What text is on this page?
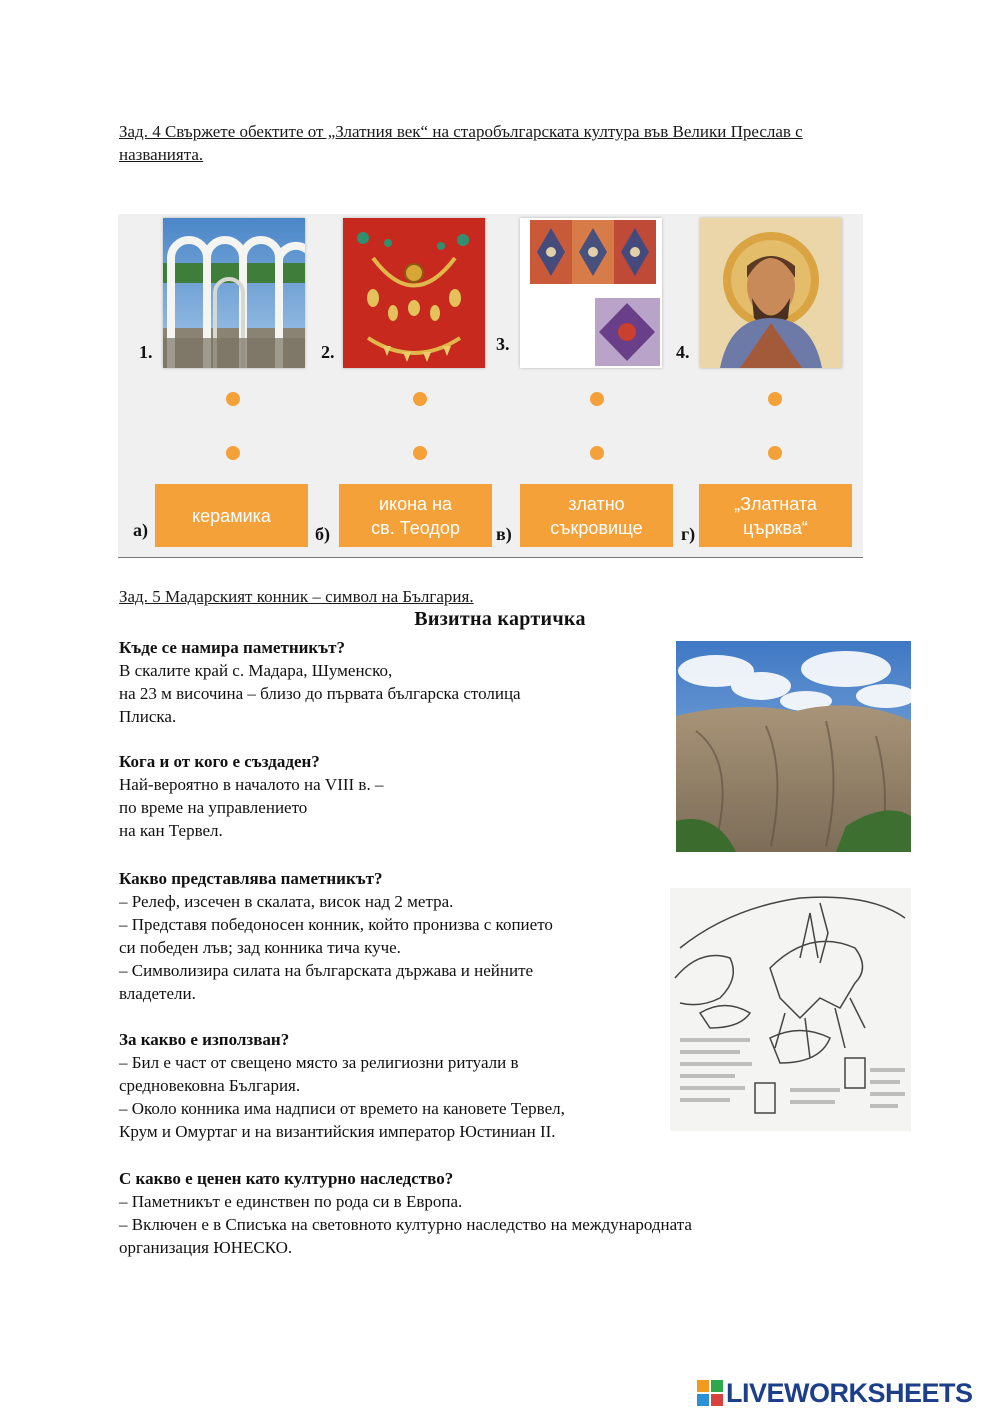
Зад. 4 Свържете обектите от „Златния век“ на старобългарската култура във Велики Преслав с названията.
1.	2.	3.	4.
а)
керамика
б)
икона на
св. Теодор	в)
златно
съкровище	г)
„Златната
църква“
Зад. 5 Мадарският конник – символ на България.
Визитна картичка

Къде се намира паметникът?

В скалите край с. Мадара, Шуменско,

на 23 м височина – близо до първата българска столица

Плиска.

Кога и от кого е създаден?

Най-вероятно в началото на VIII в. –

по време на управлението

на кан Тервел.

Какво представлява паметникът?

– Релеф, изсечен в скалата, висок над 2 метра.

– Представя победоносен конник, който пронизва с копието

си победен лъв; зад конника тича куче.

– Символизира силата на българската държава и нейните

владетели.

За какво е използван?

– Бил е част от свещено място за религиозни ритуали в

средновековна България.

– Около конника има надписи от времето на кановете Тервел,

Крум и Омуртаг и на византийския император Юстиниан II.

С какво е ценен като културно наследство?

– Паметникът е единствен по рода си в Европа.

– Включен е в Списъка на световното културно наследство на международната

организация ЮНЕСКО.

LIVEWORKSHEETS
